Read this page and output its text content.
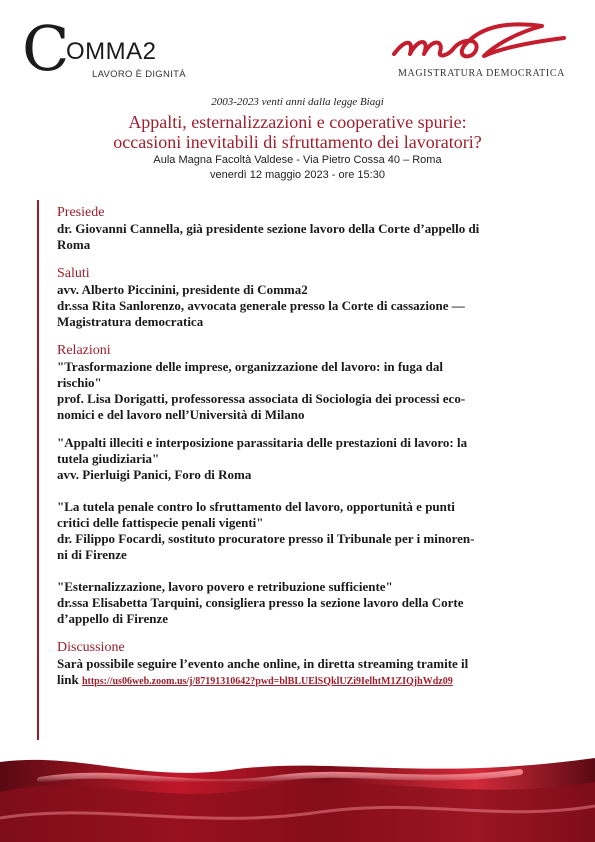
C
OMMA2
LAVORO È DIGNITÀ	MAGISTRATURA DEMOCRATICA
2003-2023 venti anni dalla legge Biagi
Appalti, esternalizzazioni e cooperative spurie:
occasioni inevitabili di sfruttamento dei lavoratori?
Aula Magna Facoltà Valdese - Via Pietro Cossa 40 – Roma
venerdì 12 maggio 2023 - ore 15:30
Presiede
dr. Giovanni Cannella, già presidente sezione lavoro della Corte d’appello di
Roma
Saluti
avv. Alberto Piccinini, presidente di Comma2
dr.ssa Rita Sanlorenzo, avvocata generale presso la Corte di cassazione —
Magistratura democratica
Relazioni
"Trasformazione delle imprese, organizzazione del lavoro: in fuga dal
rischio"
prof. Lisa Dorigatti, professoressa associata di Sociologia dei processi eco-
nomici e del lavoro nell’Università di Milano
"Appalti illeciti e interposizione parassitaria delle prestazioni di lavoro: la
tutela giudiziaria"
avv. Pierluigi Panici, Foro di Roma
"La tutela penale contro lo sfruttamento del lavoro, opportunità e punti
critici delle fattispecie penali vigenti"
dr. Filippo Focardi, sostituto procuratore presso il Tribunale per i minoren-
ni di Firenze
"Esternalizzazione, lavoro povero e retribuzione sufficiente"
dr.ssa Elisabetta Tarquini, consigliera presso la sezione lavoro della Corte
d’appello di Firenze
Discussione
Sarà possibile seguire l’evento anche online, in diretta streaming tramite il
link https://us06web.zoom.us/j/87191310642?pwd=blBLUElSQklUZi9IelhtM1ZIQjhWdz09
